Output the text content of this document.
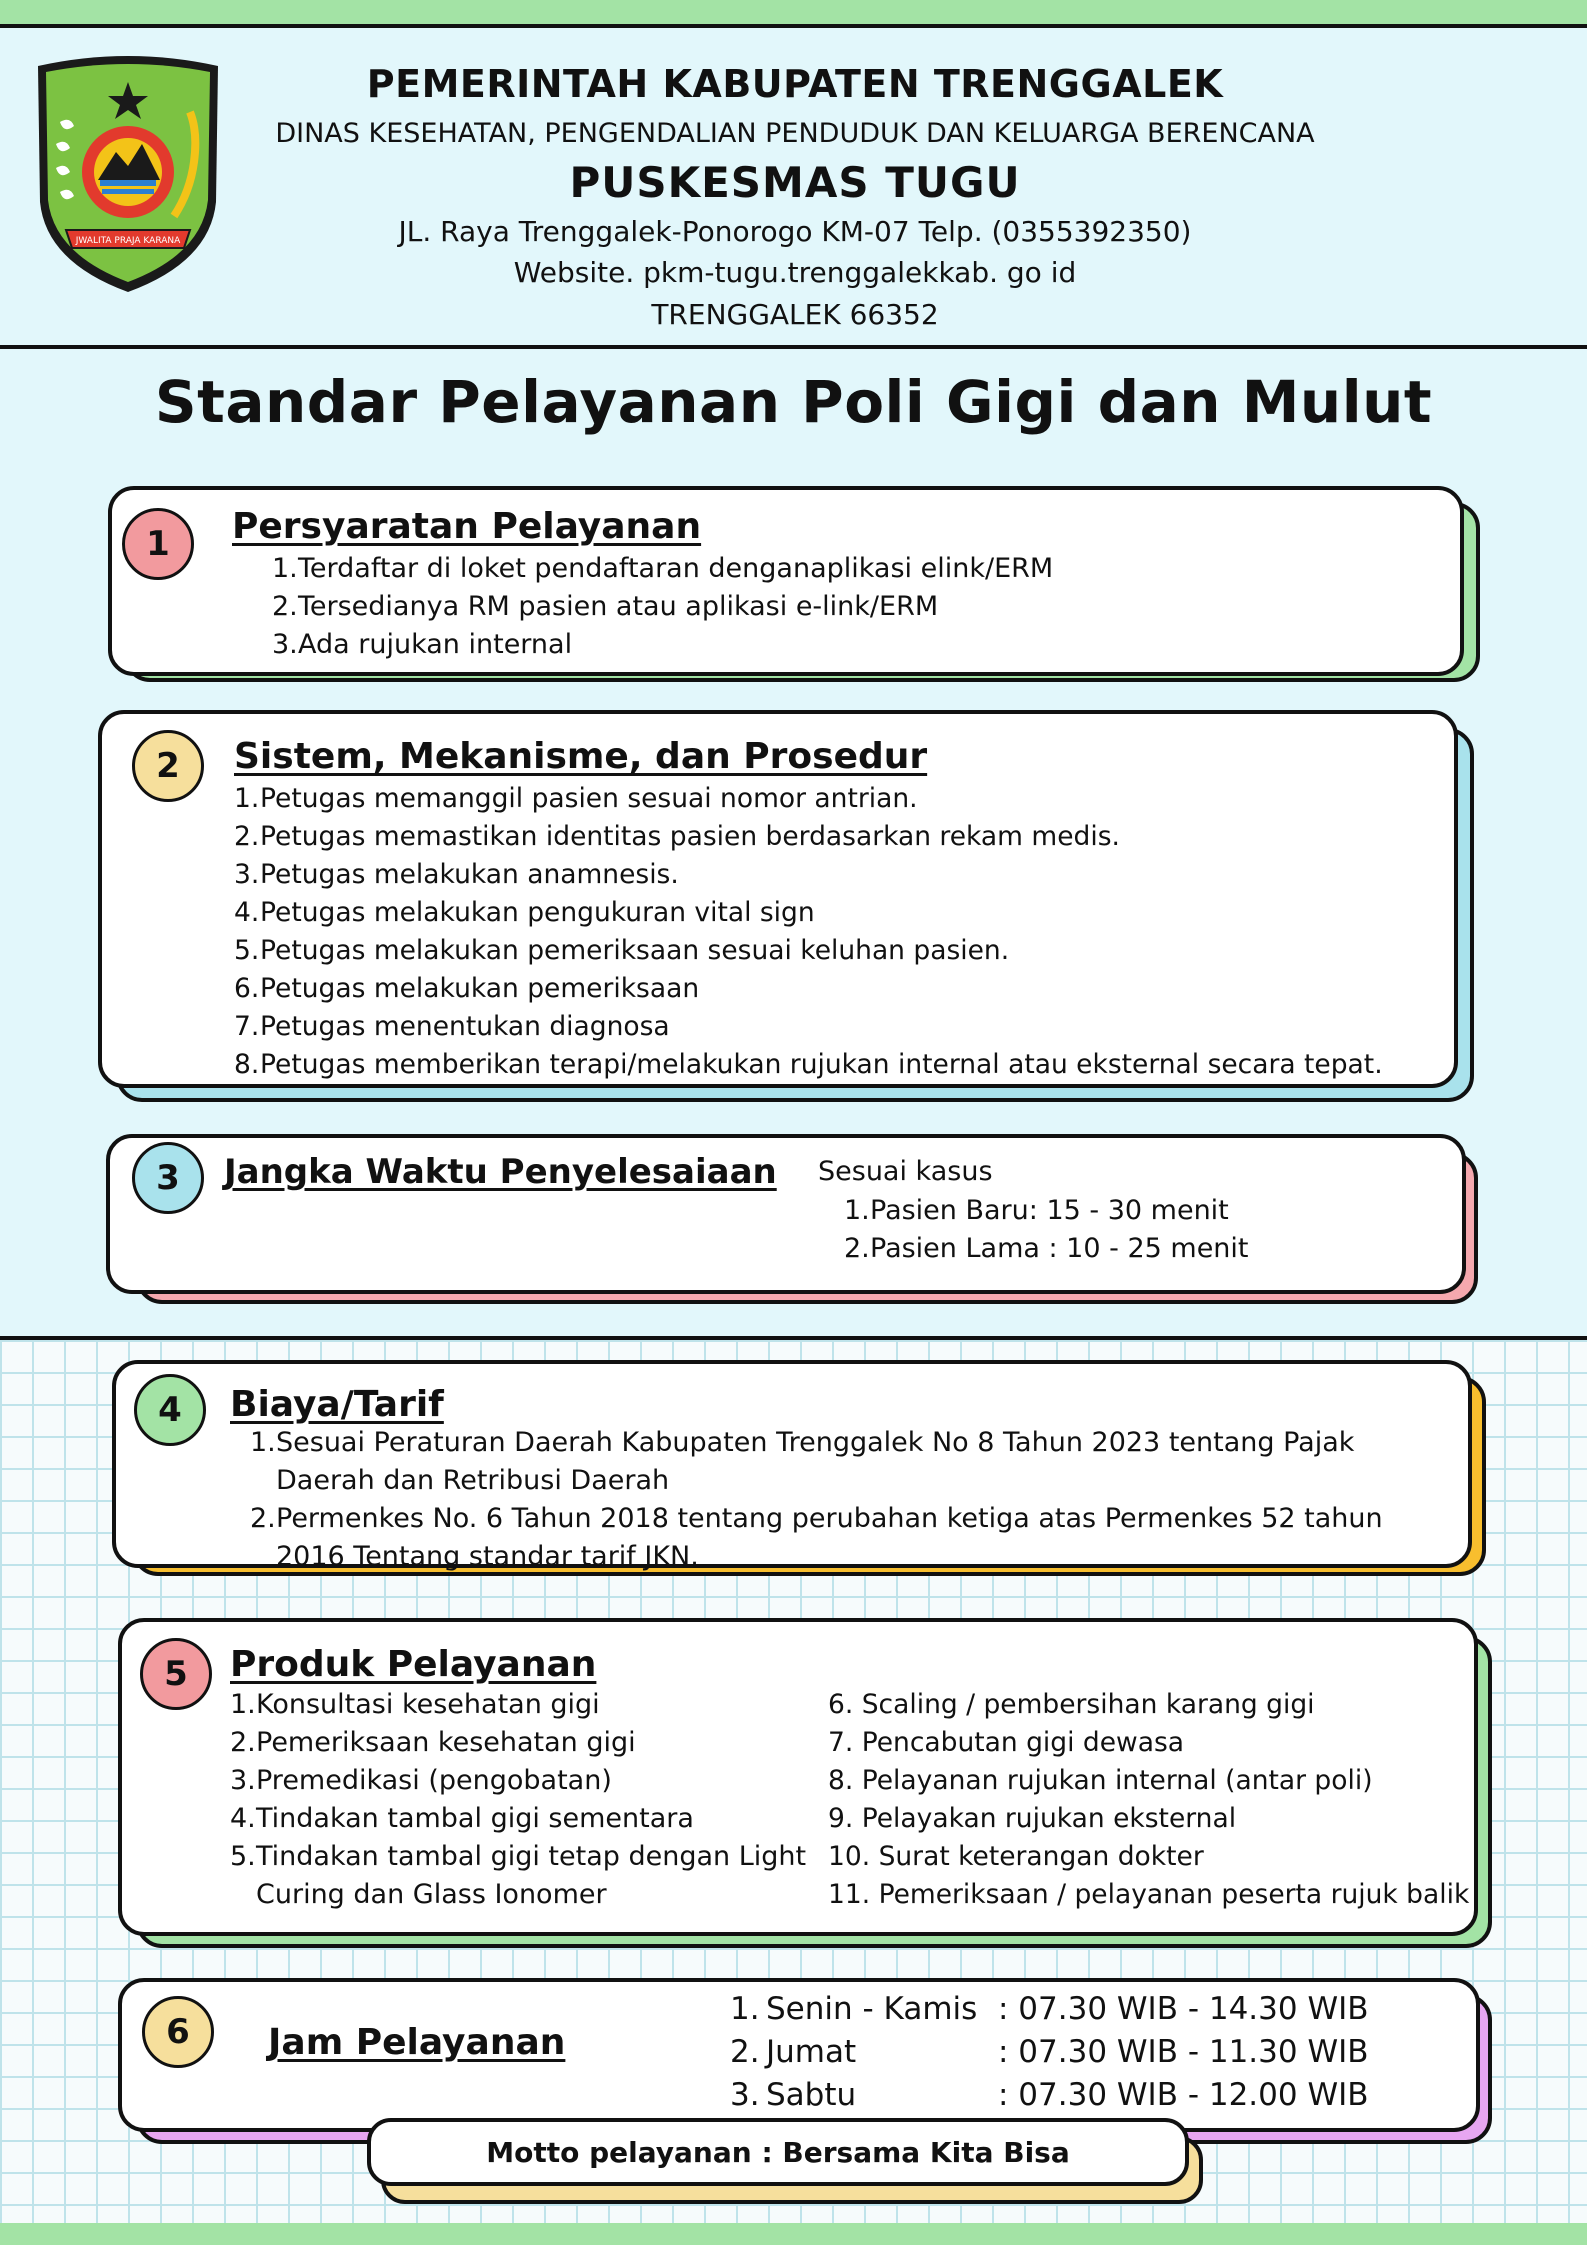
JWALITA PRAJA KARANA
PEMERINTAH KABUPATEN TRENGGALEK
DINAS KESEHATAN, PENGENDALIAN PENDUDUK DAN KELUARGA BERENCANA
PUSKESMAS TUGU
JL. Raya Trenggalek-Ponorogo KM-07 Telp. (0355392350)
Website. pkm-tugu.trenggalekkab. go id
TRENGGALEK 66352
Standar Pelayanan Poli Gigi dan Mulut
1	Persyaratan Pelayanan
1.Terdaftar di loket pendaftaran denganaplikasi elink/ERM
2.Tersedianya RM pasien atau aplikasi e-link/ERM
3.Ada rujukan internal
2	Sistem, Mekanisme, dan Prosedur
1.Petugas memanggil pasien sesuai nomor antrian.
2.Petugas memastikan identitas pasien berdasarkan rekam medis.
3.Petugas melakukan anamnesis.
4.Petugas melakukan pengukuran vital sign
5.Petugas melakukan pemeriksaan sesuai keluhan pasien.
6.Petugas melakukan pemeriksaan
7.Petugas menentukan diagnosa
8.Petugas memberikan terapi/melakukan rujukan internal atau eksternal secara tepat.
3	Jangka Waktu Penyelesaiaan Sesuai kasus
1.Pasien Baru: 15 - 30 menit
2.Pasien Lama : 10 - 25 menit
4	Biaya/Tarif
1. Sesuai Peraturan Daerah Kabupaten Trenggalek No 8 Tahun 2023 tentang Pajak Daerah dan Retribusi Daerah
2. Permenkes No. 6 Tahun 2018 tentang perubahan ketiga atas Permenkes 52 tahun 2016 Tentang standar tarif JKN.
5	Produk Pelayanan
1. Konsultasi kesehatan gigi
2. Pemeriksaan kesehatan gigi
3. Premedikasi (pengobatan)
4. Tindakan tambal gigi sementara
5. Tindakan tambal gigi tetap dengan Light Curing dan Glass Ionomer
6. Scaling / pembersihan karang gigi
7. Pencabutan gigi dewasa
8. Pelayanan rujukan internal (antar poli)
9. Pelayakan rujukan eksternal
10. Surat keterangan dokter
11. Pemeriksaan / pelayanan peserta rujuk balik
6	Jam Pelayanan
1. Senin - Kamis : 07.30 WIB - 14.30 WIB
2. Jumat	: 07.30 WIB - 11.30 WIB
3. Sabtu	: 07.30 WIB - 12.00 WIB
Motto pelayanan : Bersama Kita Bisa
